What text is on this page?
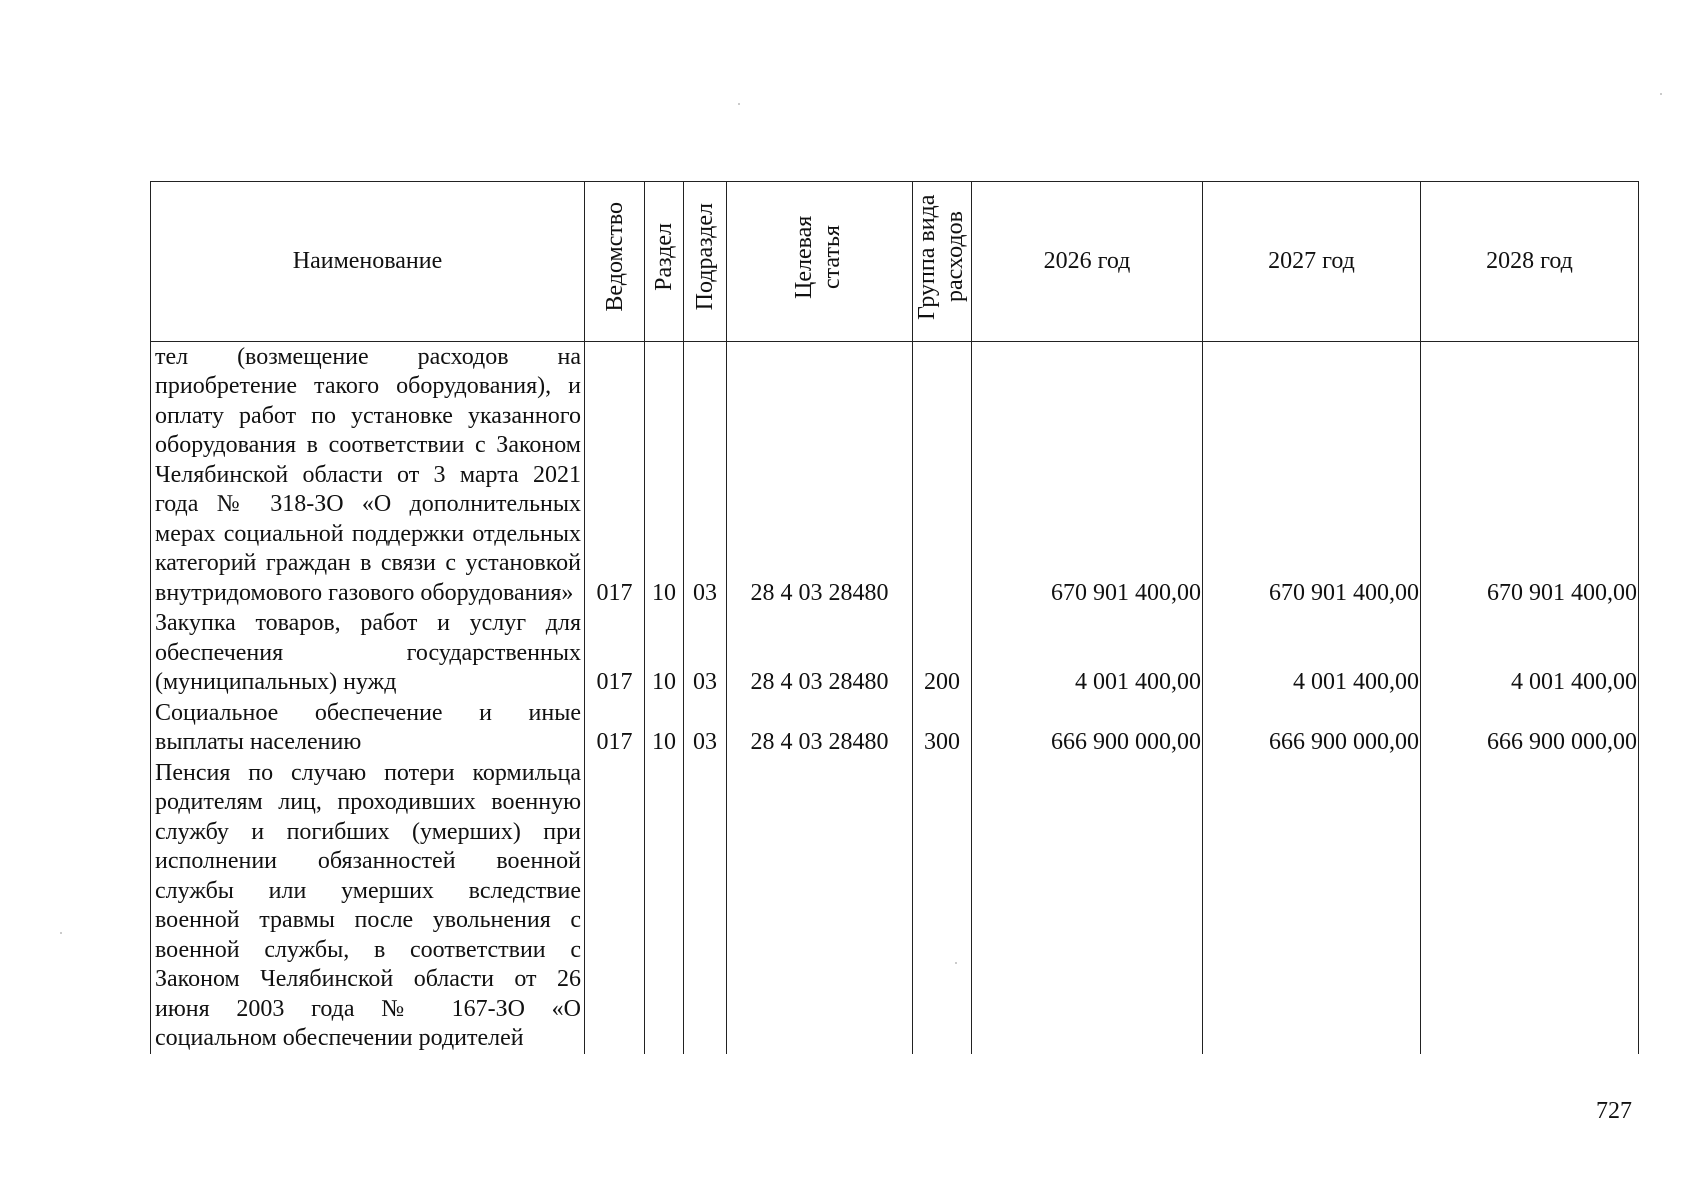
Наименование	Ведомство	Раздел	Подраздел	Целевая статья	Группа вида расходов	2026 год	2027 год	2028 год
тел (возмещение расходов на приобретение такого оборудования), и оплату работ по установке указанного оборудования в соответствии с Законом Челябинской области от 3 марта 2021 года № 318-ЗО «О дополнительных мерах социальной поддержки отдельных категорий граждан в связи с установкой внутридомового газового оборудования»	017	10	03	28 4 03 28480		670 901 400,00	670 901 400,00	670 901 400,00
Закупка товаров, работ и услуг для обеспечения государственных (муниципальных) нужд	017	10	03	28 4 03 28480	200	4 001 400,00	4 001 400,00	4 001 400,00
Социальное обеспечение и иные выплаты населению	017	10	03	28 4 03 28480	300	666 900 000,00	666 900 000,00	666 900 000,00
Пенсия по случаю потери кормильца родителям лиц, проходивших военную службу и погибших (умерших) при исполнении обязанностей военной службы или умерших вследствие военной травмы после увольнения с военной службы, в соответствии с Законом Челябинской области от 26 июня 2003 года № 167-ЗО «О социальном обеспечении родителей								
727
